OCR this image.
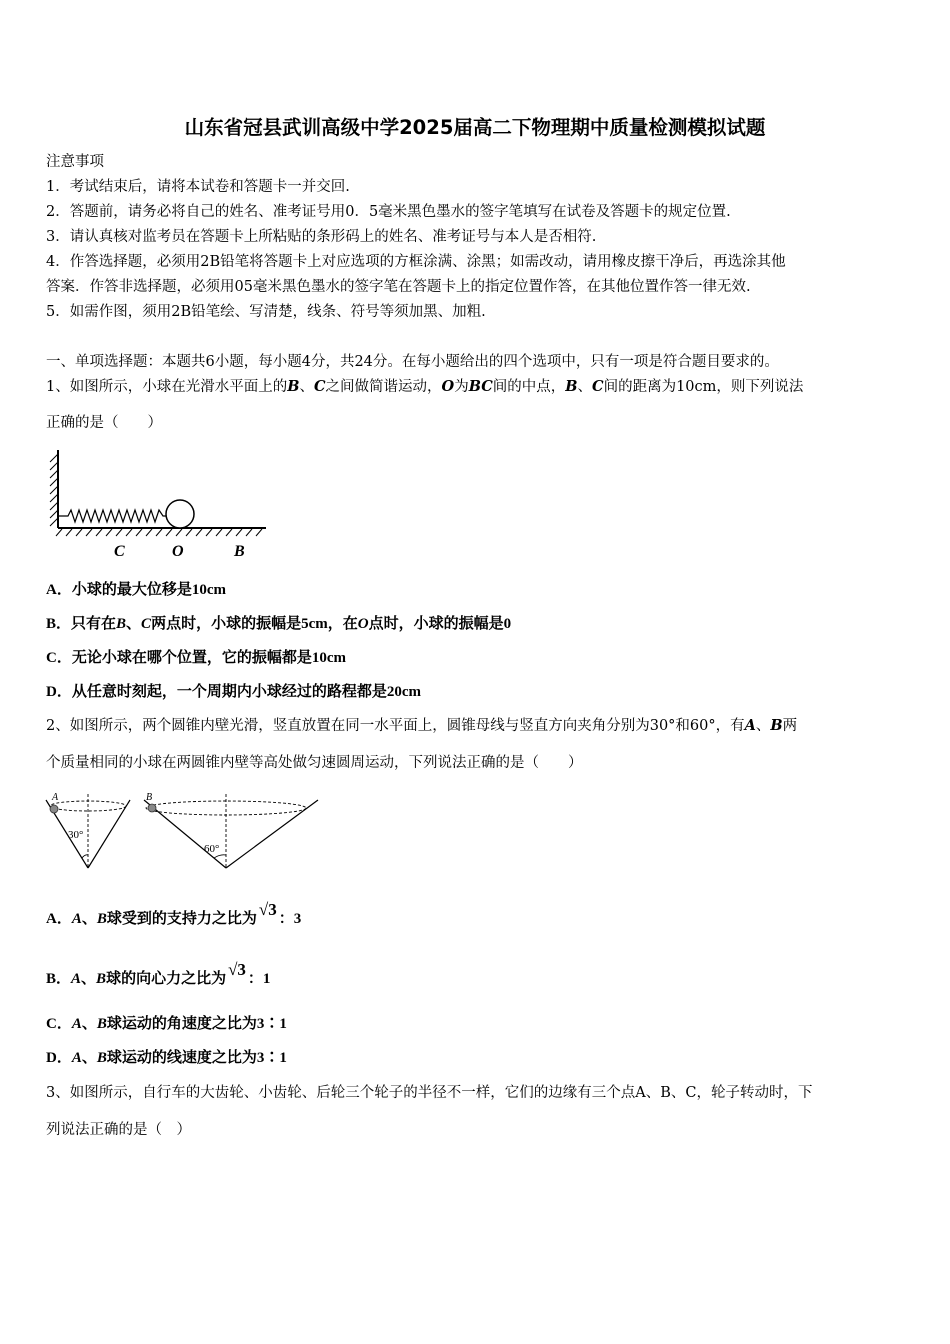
山东省冠县武训高级中学2025届高二下物理期中质量检测模拟试题
注意事项
1．考试结束后，请将本试卷和答题卡一并交回.
2．答题前，请务必将自己的姓名、准考证号用0．5毫米黑色墨水的签字笔填写在试卷及答题卡的规定位置.
3．请认真核对监考员在答题卡上所粘贴的条形码上的姓名、准考证号与本人是否相符.
4．作答选择题，必须用2B铅笔将答题卡上对应选项的方框涂满、涂黑；如需改动，请用橡皮擦干净后，再选涂其他
答案．作答非选择题，必须用05毫米黑色墨水的签字笔在答题卡上的指定位置作答，在其他位置作答一律无效.
5．如需作图，须用2B铅笔绘、写清楚，线条、符号等须加黑、加粗.
一、单项选择题：本题共6小题，每小题4分，共24分。在每小题给出的四个选项中，只有一项是符合题目要求的。
1、如图所示，小球在光滑水平面上的B、C之间做简谐运动，O为BC间的中点，B、C间的距离为10cm，则下列说法
正确的是（　　）
C	O	B
A．小球的最大位移是10cm
B．只有在B、C两点时，小球的振幅是5cm，在O点时，小球的振幅是0
C．无论小球在哪个位置，它的振幅都是10cm
D．从任意时刻起，一个周期内小球经过的路程都是20cm
2、如图所示，两个圆锥内壁光滑，竖直放置在同一水平面上，圆锥母线与竖直方向夹角分别为30°和60°，有A、B两
个质量相同的小球在两圆锥内壁等高处做匀速圆周运动，下列说法正确的是（　　）
A
30°
B
60°
A．A、B球受到的支持力之比为 √3 ：3
B．A、B球的向心力之比为 √3 ：1
C．A、B球运动的角速度之比为3∶1
D．A、B球运动的线速度之比为3∶1
3、如图所示，自行车的大齿轮、小齿轮、后轮三个轮子的半径不一样，它们的边缘有三个点A、B、C，轮子转动时，下
列说法正确的是（　）
